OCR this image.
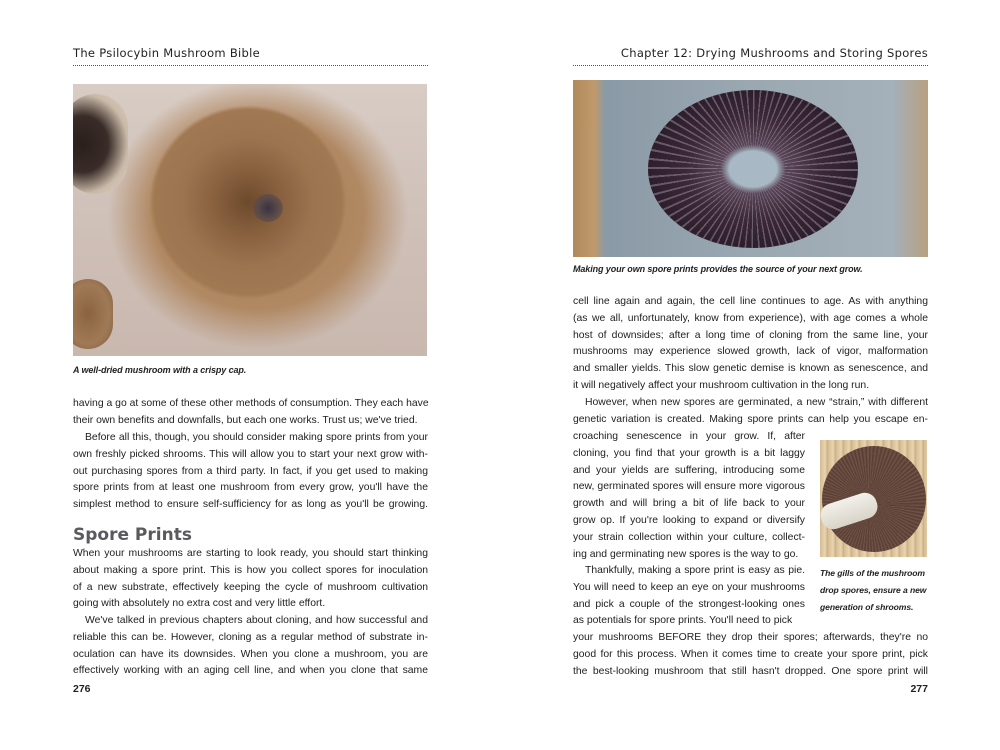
The Psilocybin Mushroom Bible
A well-dried mushroom with a crispy cap.
having a go at some of these other methods of consumption. They each have
their own benefits and downfalls, but each one works. Trust us; we've tried.
Before all this, though, you should consider making spore prints from your
own freshly picked shrooms. This will allow you to start your next grow with-
out purchasing spores from a third party. In fact, if you get used to making
spore prints from at least one mushroom from every grow, you'll have the
simplest method to ensure self-sufficiency for as long as you'll be growing.
Spore Prints
When your mushrooms are starting to look ready, you should start thinking
about making a spore print. This is how you collect spores for inoculation
of a new substrate, effectively keeping the cycle of mushroom cultivation
going with absolutely no extra cost and very little effort.
We've talked in previous chapters about cloning, and how successful and
reliable this can be. However, cloning as a regular method of substrate in-
oculation can have its downsides. When you clone a mushroom, you are
effectively working with an aging cell line, and when you clone that same
276
Chapter 12: Drying Mushrooms and Storing Spores
Making your own spore prints provides the source of your next grow.
cell line again and again, the cell line continues to age. As with anything
(as we all, unfortunately, know from experience), with age comes a whole
host of downsides; after a long time of cloning from the same line, your
mushrooms may experience slowed growth, lack of vigor, malformation
and smaller yields. This slow genetic demise is known as senescence, and
it will negatively affect your mushroom cultivation in the long run.
However, when new spores are germinated, a new “strain,” with different
genetic variation is created. Making spore prints can help you escape en-
croaching senescence in your grow. If, after
cloning, you find that your growth is a bit laggy
and your yields are suffering, introducing some
new, germinated spores will ensure more vigorous
growth and will bring a bit of life back to your
grow op. If you're looking to expand or diversify
your strain collection within your culture, collect-
ing and germinating new spores is the way to go.
Thankfully, making a spore print is easy as pie.
You will need to keep an eye on your mushrooms
and pick a couple of the strongest-looking ones
as potentials for spore prints. You'll need to pick
your mushrooms BEFORE they drop their spores; afterwards, they're no
good for this process. When it comes time to create your spore print, pick
the best-looking mushroom that still hasn't dropped. One spore print will
The gills of the mushroom
drop spores, ensure a new
generation of shrooms.
277
